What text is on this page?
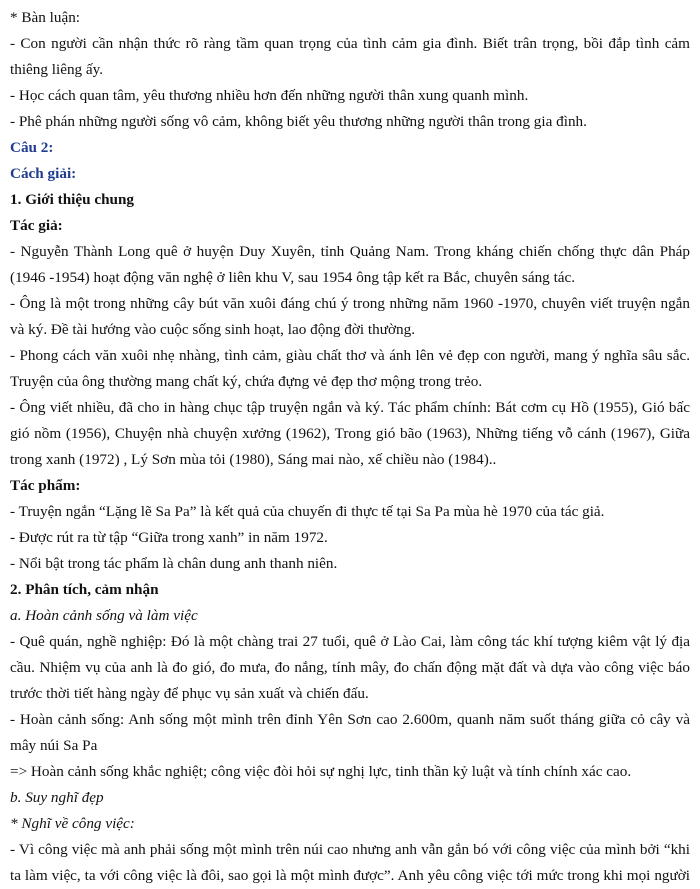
* Bàn luận:
- Con người cần nhận thức rõ ràng tầm quan trọng của tình cảm gia đình. Biết trân trọng, bồi đắp tình cảm
thiêng liêng ấy.
- Học cách quan tâm, yêu thương nhiều hơn đến những người thân xung quanh mình.
- Phê phán những người sống vô cảm, không biết yêu thương những người thân trong gia đình.
Câu 2:
Cách giải:
1. Giới thiệu chung
Tác giả:
- Nguyễn Thành Long quê ở huyện Duy Xuyên, tỉnh Quảng Nam. Trong kháng chiến chống thực dân Pháp
(1946 -1954) hoạt động văn nghệ ở liên khu V, sau 1954 ông tập kết ra Bắc, chuyên sáng tác.
- Ông là một trong những cây bút văn xuôi đáng chú ý trong những năm 1960 -1970, chuyên viết truyện ngắn
và ký. Đề tài hướng vào cuộc sống sinh hoạt, lao động đời thường.
- Phong cách văn xuôi nhẹ nhàng, tình cảm, giàu chất thơ và ánh lên vẻ đẹp con người, mang ý nghĩa sâu sắc.
Truyện của ông thường mang chất ký, chứa đựng vẻ đẹp thơ mộng trong trẻo.
- Ông viết nhiều, đã cho in hàng chục tập truyện ngắn và ký. Tác phẩm chính: Bát cơm cụ Hồ (1955), Gió bấc
gió nồm (1956), Chuyện nhà chuyện xưởng (1962), Trong gió bão (1963), Những tiếng vỗ cánh (1967), Giữa
trong xanh (1972) , Lý Sơn mùa tỏi (1980), Sáng mai nào, xế chiều nào (1984)..
Tác phẩm:
- Truyện ngắn “Lặng lẽ Sa Pa” là kết quả của chuyến đi thực tế tại Sa Pa mùa hè 1970 của tác giả.
- Được rút ra từ tập “Giữa trong xanh” in năm 1972.
- Nổi bật trong tác phẩm là chân dung anh thanh niên.
2. Phân tích, cảm nhận
a. Hoàn cảnh sống và làm việc
- Quê quán, nghề nghiệp: Đó là một chàng trai 27 tuổi, quê ở Lào Cai, làm công tác khí tượng kiêm vật lý địa
cầu. Nhiệm vụ của anh là đo gió, đo mưa, đo nắng, tính mây, đo chấn động mặt đất và dựa vào công việc báo
trước thời tiết hàng ngày để phục vụ sản xuất và chiến đấu.
- Hoàn cảnh sống: Anh sống một mình trên đỉnh Yên Sơn cao 2.600m, quanh năm suốt tháng giữa cỏ cây và
mây núi Sa Pa
=> Hoàn cảnh sống khắc nghiệt; công việc đòi hỏi sự nghị lực, tinh thần kỷ luật và tính chính xác cao.
b. Suy nghĩ đẹp
* Nghĩ về công việc:
- Vì công việc mà anh phải sống một mình trên núi cao nhưng anh vẫn gắn bó với công việc của mình bởi “khi
ta làm việc, ta với công việc là đôi, sao gọi là một mình được”. Anh yêu công việc tới mức trong khi mọi người
